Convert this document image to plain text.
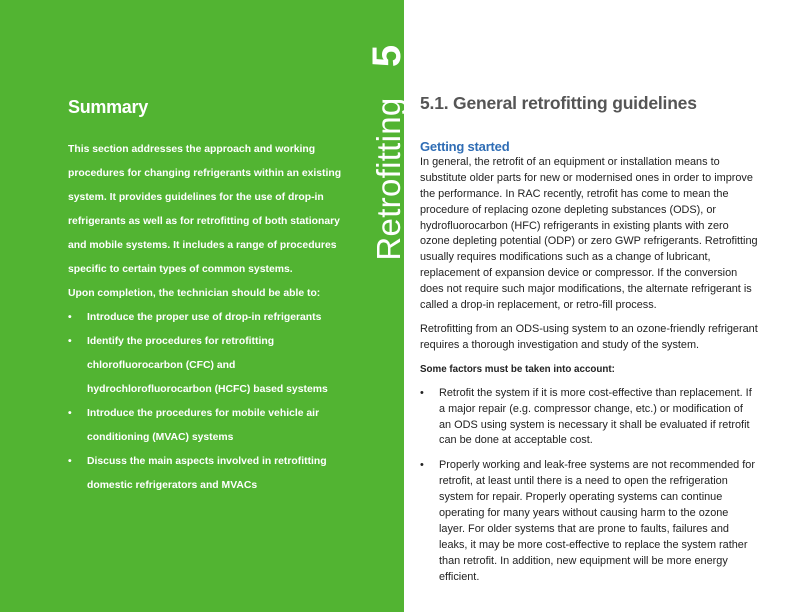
5
Retrofitting
Summary

This section addresses the approach and working procedures for changing refrigerants within an existing system. It provides guidelines for the use of drop-in refrigerants as well as for retrofitting of both stationary and mobile systems. It includes a range of procedures specific to certain types of common systems.

Upon completion, the technician should be able to:

• Introduce the proper use of drop-in refrigerants
• Identify the procedures for retrofitting chlorofluorocarbon (CFC) and hydrochlorofluorocarbon (HCFC) based systems
• Introduce the procedures for mobile vehicle air conditioning (MVAC) systems
• Discuss the main aspects involved in retrofitting domestic refrigerators and MVACs
5.1. General retrofitting guidelines
Getting started

In general, the retrofit of an equipment or installation means to substitute older parts for new or modernised ones in order to improve the performance. In RAC recently, retrofit has come to mean the procedure of replacing ozone depleting substances (ODS), or hydrofluorocarbon (HFC) refrigerants in existing plants with zero ozone depleting potential (ODP) or zero GWP refrigerants. Retrofitting usually requires modifications such as a change of lubricant, replacement of expansion device or compressor. If the conversion does not require such major modifications, the alternate refrigerant is called a drop-in replacement, or retro-fill process.

Retrofitting from an ODS-using system to an ozone-friendly refrigerant requires a thorough investigation and study of the system.

Some factors must be taken into account:

• Retrofit the system if it is more cost-effective than replacement. If a major repair (e.g. compressor change, etc.) or modification of an ODS using system is necessary it shall be evaluated if retrofit can be done at acceptable cost.
• Properly working and leak-free systems are not recommended for retrofit, at least until there is a need to open the refrigeration system for repair. Properly operating systems can continue operating for many years without causing harm to the ozone layer. For older systems that are prone to faults, failures and leaks, it may be more cost-effective to replace the system rather than retrofit. In addition, new equipment will be more energy efficient.
